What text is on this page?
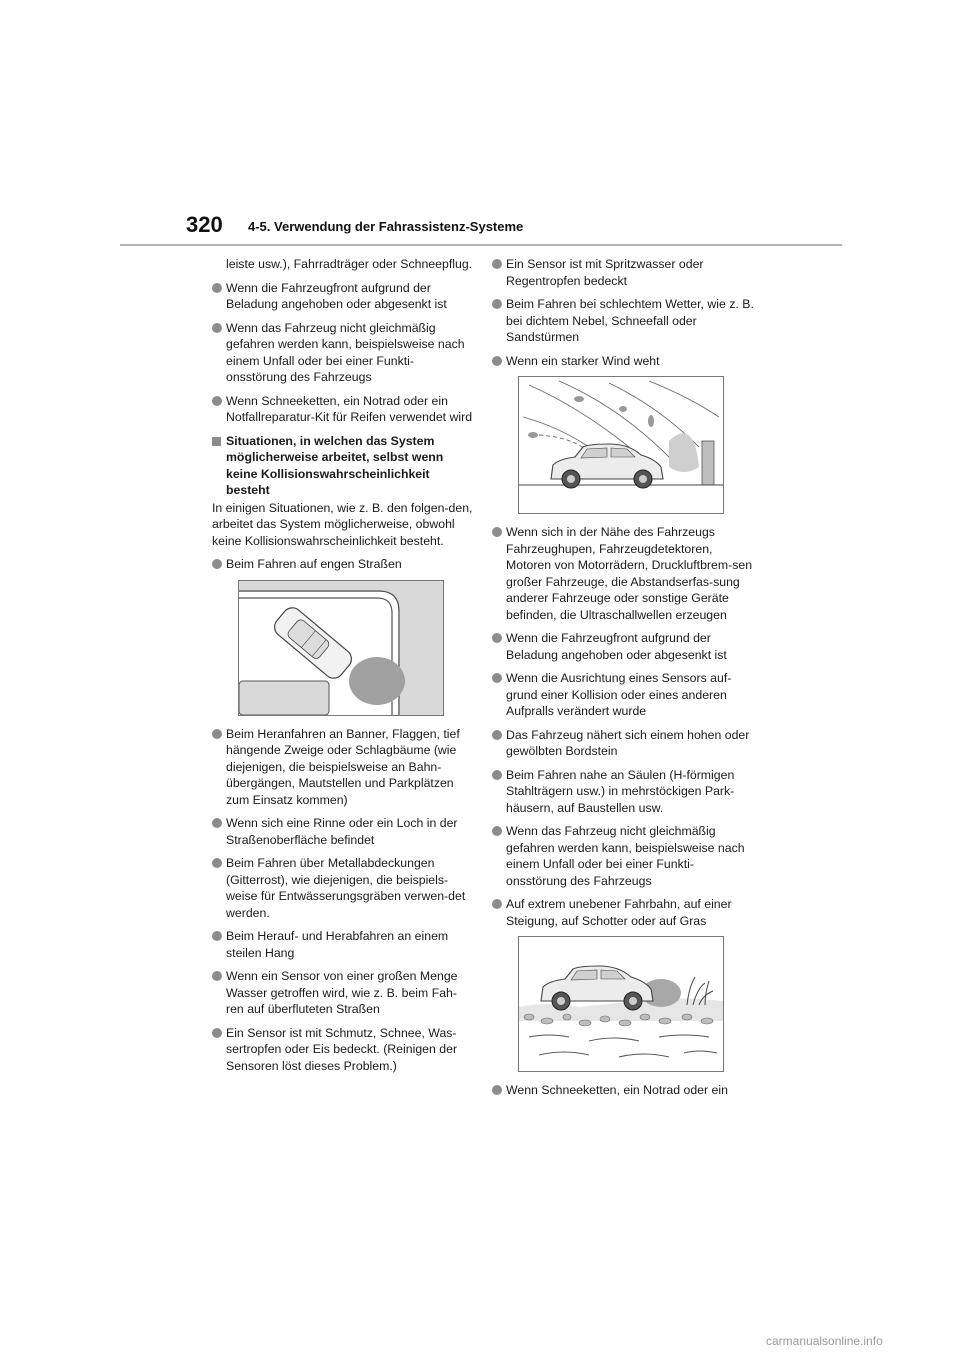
320 4-5. Verwendung der Fahrassistenz-Systeme

leiste usw.), Fahrradträger oder Schneepflug.

Wenn die Fahrzeugfront aufgrund der Beladung angehoben oder abgesenkt ist
Wenn das Fahrzeug nicht gleichmäßig gefahren werden kann, beispielsweise nach einem Unfall oder bei einer Funkti-onsstörung des Fahrzeugs
Wenn Schneeketten, ein Notrad oder ein Notfallreparatur-Kit für Reifen verwendet wird
Situationen, in welchen das System möglicherweise arbeitet, selbst wenn keine Kollisionswahrscheinlichkeit besteht

In einigen Situationen, wie z. B. den folgen-den, arbeitet das System möglicherweise, obwohl keine Kollisionswahrscheinlichkeit besteht.

Beim Fahren auf engen Straßen
Beim Heranfahren an Banner, Flaggen, tief hängende Zweige oder Schlagbäume (wie diejenigen, die beispielsweise an Bahn-übergängen, Mautstellen und Parkplätzen zum Einsatz kommen)
Wenn sich eine Rinne oder ein Loch in der Straßenoberfläche befindet
Beim Fahren über Metallabdeckungen (Gitterrost), wie diejenigen, die beispiels-weise für Entwässerungsgräben verwen-det werden.
Beim Herauf- und Herabfahren an einem steilen Hang
Wenn ein Sensor von einer großen Menge Wasser getroffen wird, wie z. B. beim Fah-ren auf überfluteten Straßen
Ein Sensor ist mit Schmutz, Schnee, Was-sertropfen oder Eis bedeckt. (Reinigen der Sensoren löst dieses Problem.)
Ein Sensor ist mit Spritzwasser oder Regentropfen bedeckt
Beim Fahren bei schlechtem Wetter, wie z. B. bei dichtem Nebel, Schneefall oder Sandstürmen
Wenn ein starker Wind weht
Wenn sich in der Nähe des Fahrzeugs Fahrzeughupen, Fahrzeugdetektoren, Motoren von Motorrädern, Druckluftbrem-sen großer Fahrzeuge, die Abstandserfas-sung anderer Fahrzeuge oder sonstige Geräte befinden, die Ultraschallwellen erzeugen
Wenn die Fahrzeugfront aufgrund der Beladung angehoben oder abgesenkt ist
Wenn die Ausrichtung eines Sensors auf-grund einer Kollision oder eines anderen Aufpralls verändert wurde
Das Fahrzeug nähert sich einem hohen oder gewölbten Bordstein
Beim Fahren nahe an Säulen (H-förmigen Stahlträgern usw.) in mehrstöckigen Park-häusern, auf Baustellen usw.
Wenn das Fahrzeug nicht gleichmäßig gefahren werden kann, beispielsweise nach einem Unfall oder bei einer Funkti-onsstörung des Fahrzeugs
Auf extrem unebener Fahrbahn, auf einer Steigung, auf Schotter oder auf Gras
Wenn Schneeketten, ein Notrad oder ein
carmanualsonline.info
